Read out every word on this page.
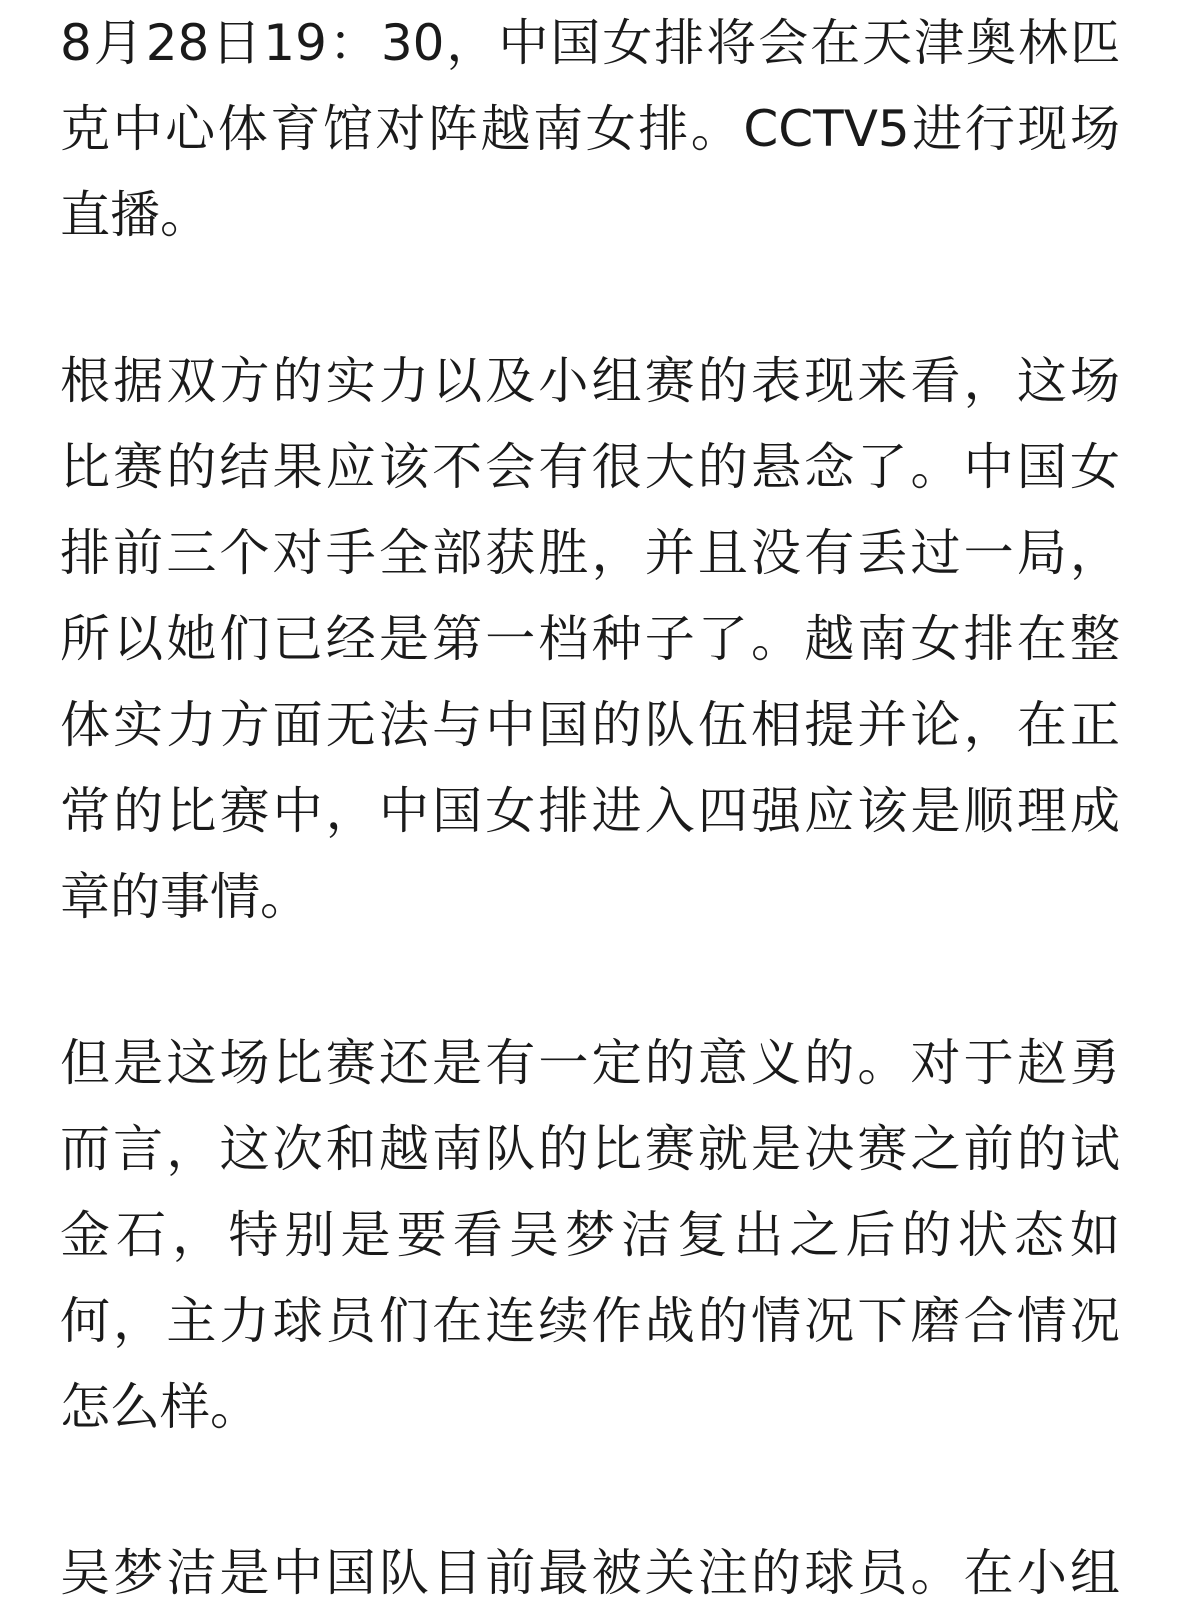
8月28日19：30，中国女排将会在天津奥林匹
克中心体育馆对阵越南女排。CCTV5进行现场
直播。
根据双方的实力以及小组赛的表现来看，这场
比赛的结果应该不会有很大的悬念了。中国女
排前三个对手全部获胜，并且没有丢过一局，
所以她们已经是第一档种子了。越南女排在整
体实力方面无法与中国的队伍相提并论，在正
常的比赛中，中国女排进入四强应该是顺理成
章的事情。
但是这场比赛还是有一定的意义的。对于赵勇
而言，这次和越南队的比赛就是决赛之前的试
金石，特别是要看吴梦洁复出之后的状态如
何，主力球员们在连续作战的情况下磨合情况
怎么样。
吴梦洁是中国队目前最被关注的球员。在小组
